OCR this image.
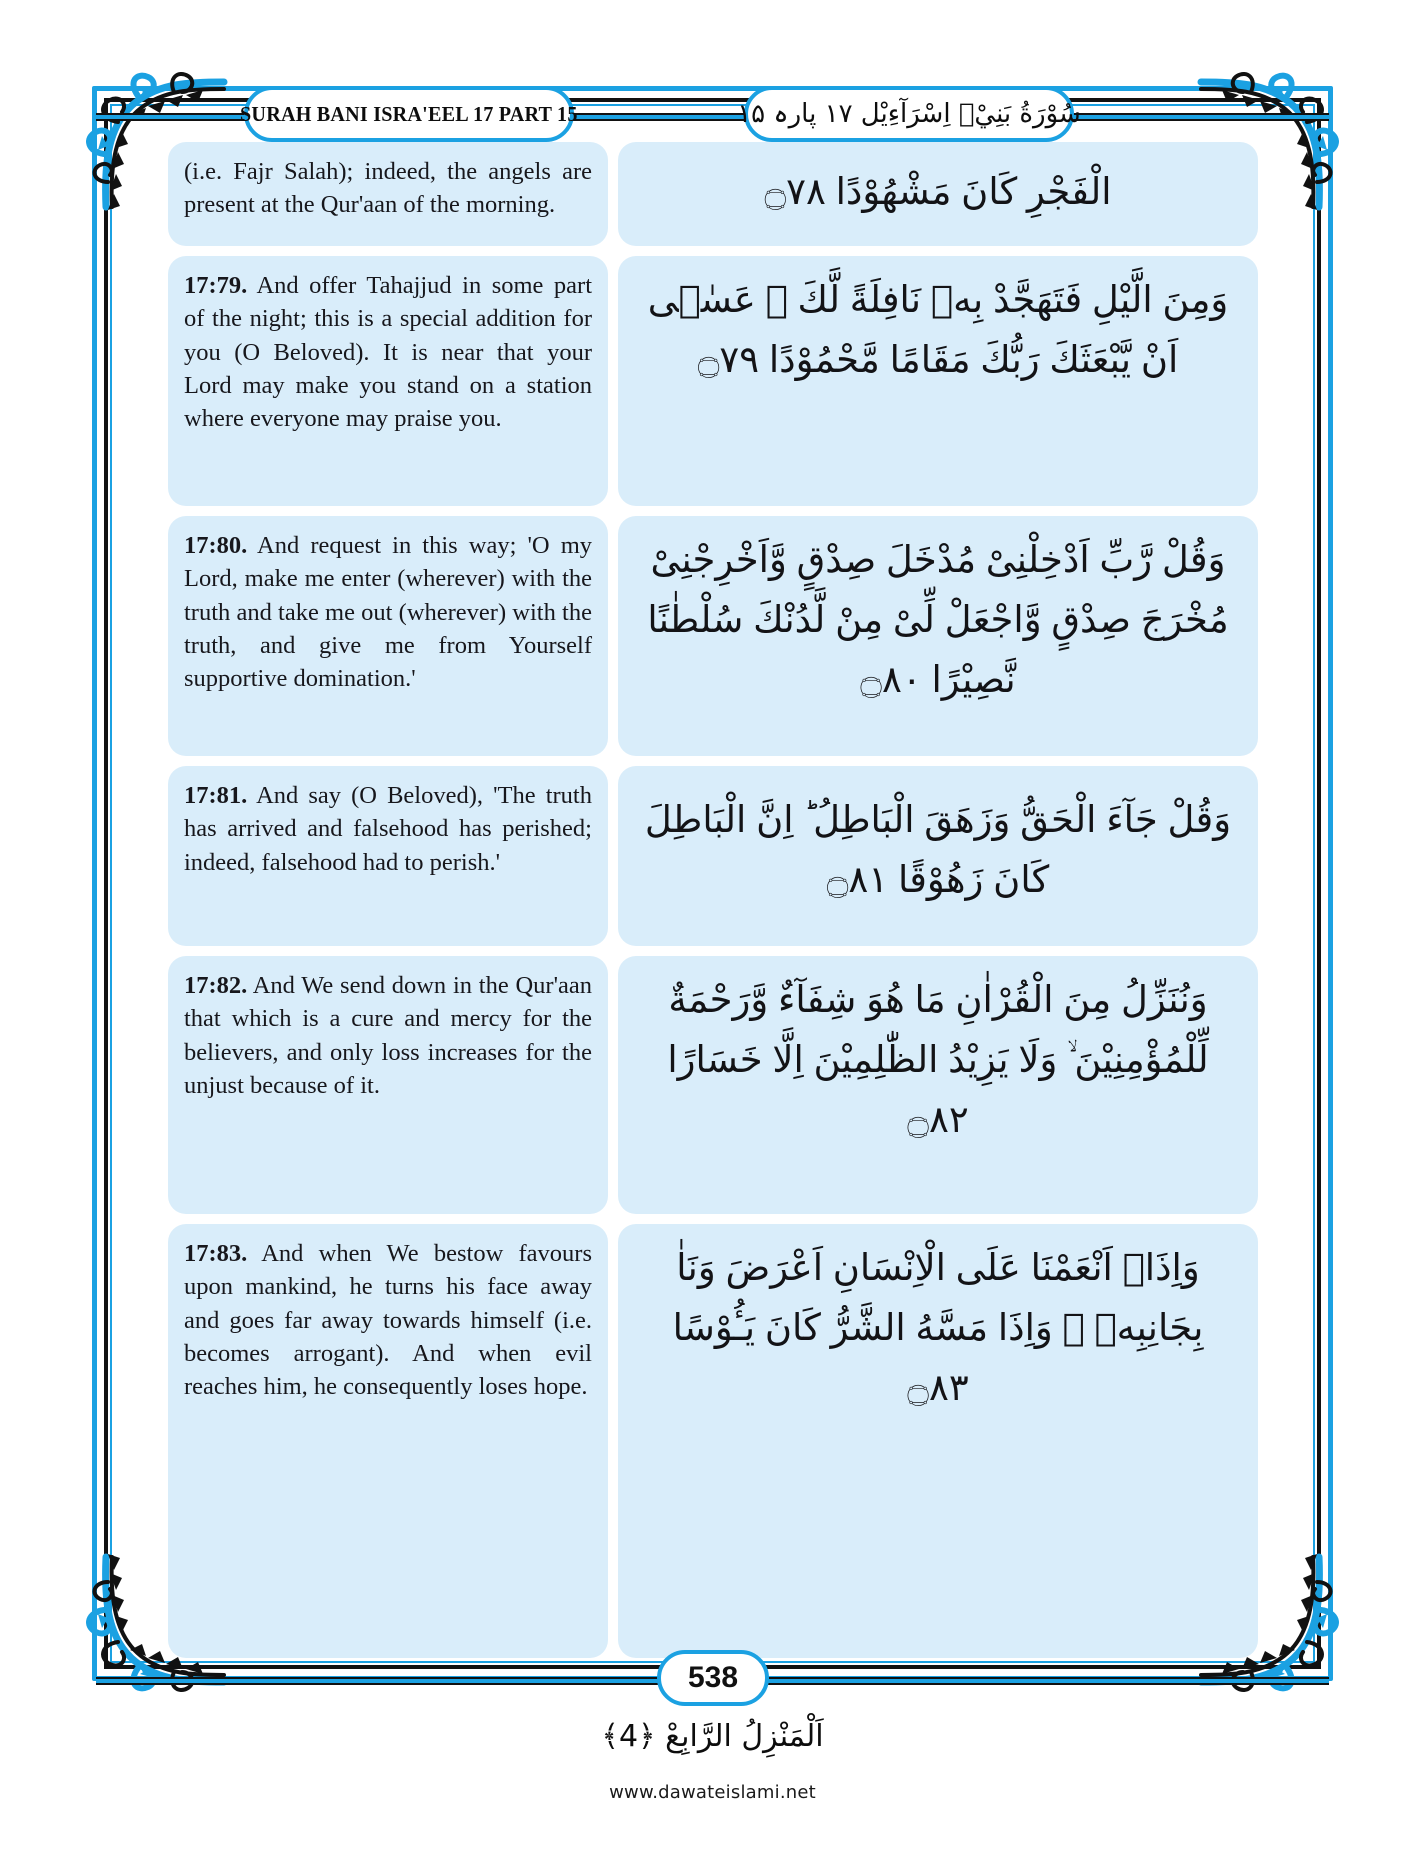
SURAH BANI ISRA'EEL 17 PART 15	سُوْرَةُ بَنِيْۤ اِسْرَآءِيْل ۱۷ پارہ ۱۵
(i.e. Fajr Salah); indeed, the angels are present at the Qur'aan of the morning.
17:79. And offer Tahajjud in some part of the night; this is a special addition for you (O Beloved). It is near that your Lord may make you stand on a station where everyone may praise you.
17:80. And request in this way; 'O my Lord, make me enter (wherever) with the truth and take me out (wherever) with the truth, and give me from Yourself supportive domination.'
17:81. And say (O Beloved), 'The truth has arrived and falsehood has perished; indeed, falsehood had to perish.'
17:82. And We send down in the Qur'aan that which is a cure and mercy for the believers, and only loss increases for the unjust because of it.
17:83. And when We bestow favours upon mankind, he turns his face away and goes far away towards himself (i.e. becomes arrogant). And when evil reaches him, he consequently loses hope.
الْفَجْرِ كَانَ مَشْهُوْدًا ۝۷۸
وَمِنَ الَّيْلِ فَتَهَجَّدْ بِهٖ نَافِلَةً لَّكَ ۖ عَسٰۤى اَنْ يَّبْعَثَكَ رَبُّكَ مَقَامًا مَّحْمُوْدًا ۝۷۹
وَقُلْ رَّبِّ اَدْخِلْنِیْ مُدْخَلَ صِدْقٍ وَّاَخْرِجْنِیْ مُخْرَجَ صِدْقٍ وَّاجْعَلْ لِّیْ مِنْ لَّدُنْكَ سُلْطٰنًا نَّصِیْرًا ۝۸۰
وَقُلْ جَآءَ الْحَقُّ وَزَهَقَ الْبَاطِلُ ؕ اِنَّ الْبَاطِلَ كَانَ زَهُوْقًا ۝۸۱
وَنُنَزِّلُ مِنَ الْقُرْاٰنِ مَا هُوَ شِفَآءٌ وَّرَحْمَةٌ لِّلْمُؤْمِنِیْنَ ۙ وَلَا یَزِیْدُ الظّٰلِمِیْنَ اِلَّا خَسَارًا ۝۸۲
وَاِذَاۤ اَنْعَمْنَا عَلَى الْاِنْسَانِ اَعْرَضَ وَنَاٰ بِجَانِبِهٖ ۚ وَاِذَا مَسَّهُ الشَّرُّ كَانَ یَـُٔوْسًا ۝۸۳
538
اَلْمَنْزِلُ الرَّابِعْ ﴿4﴾
www.dawateislami.net
